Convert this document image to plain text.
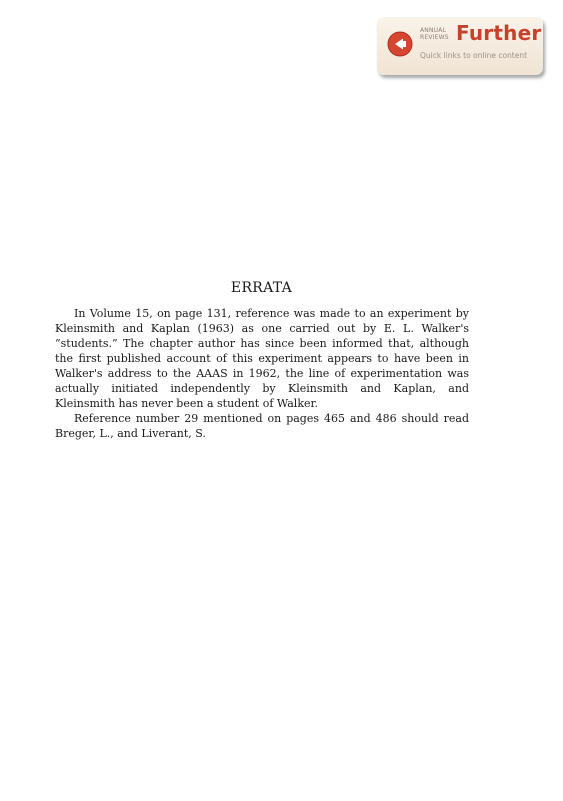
ANNUAL
REVIEWS Further
Quick links to online content
ERRATA

In Volume 15, on page 131, reference was made to an experiment by Kleinsmith and Kaplan (1963) as one carried out by E. L. Walker's “students.” The chapter author has since been informed that, although the first published account of this experiment appears to have been in Walker's address to the AAAS in 1962, the line of experimentation was actually initiated independently by Kleinsmith and Kaplan, and Kleinsmith has never been a student of Walker.

Reference number 29 mentioned on pages 465 and 486 should read Breger, L., and Liverant, S.
